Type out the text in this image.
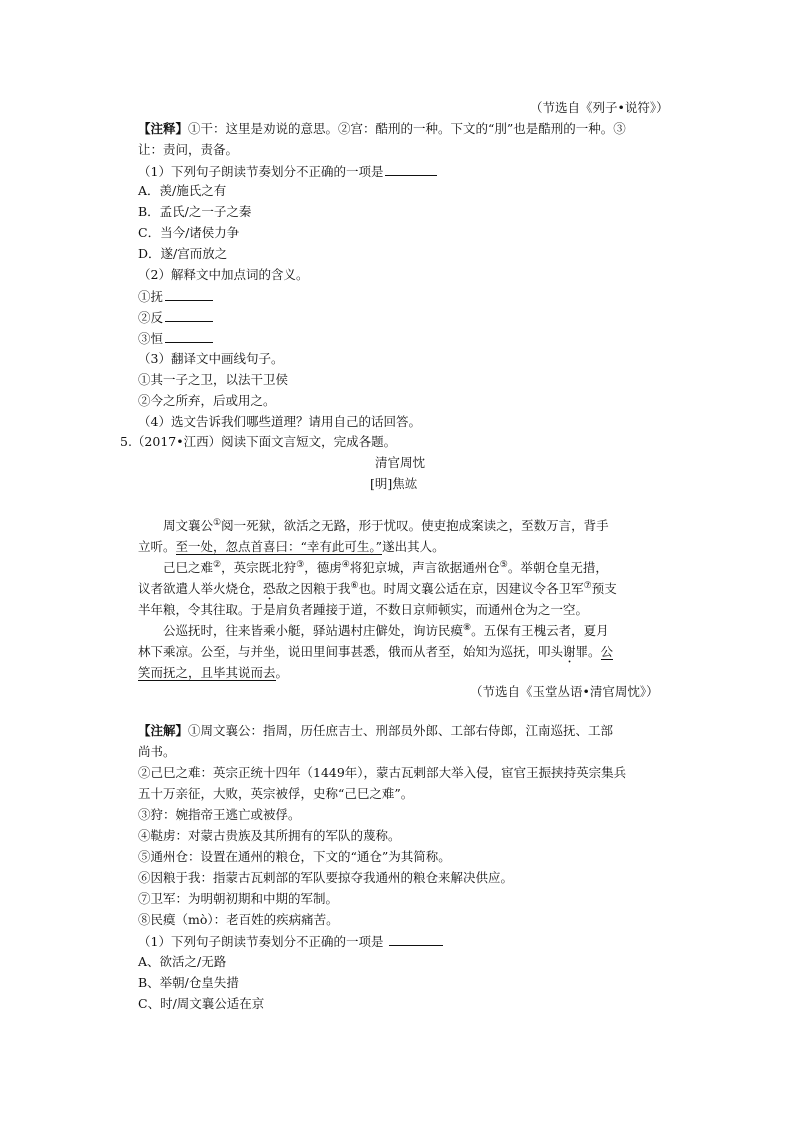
（节选自《列子•说符》）
【注释】①干：这里是劝说的意思。②宫：酷刑的一种。下文的“刖”也是酷刑的一种。③
让：责问，责备。
（1）下列句子朗读节奏划分不正确的一项是
A．羡/施氏之有
B．孟氏/之一子之秦
C．当今/诸侯力争
D．遂/宫而放之
（2）解释文中加点词的含义。
①抚
②反
③恒
（3）翻译文中画线句子。
①其一子之卫，以法干卫侯
②今之所弃，后或用之。
（4）选文告诉我们哪些道理？请用自己的话回答。
5.（2017•江西）阅读下面文言短文，完成各题。
清官周忱
[明]焦竑
周文襄公①阅一死狱，欲活之无路，形于忧叹。使吏抱成案读之，至数万言，背手
立听。至一处，忽点首喜曰：“幸有此可生。”遂出其人。
己巳之难②，英宗既北狩③，德虏④将犯京城，声言欲据通州仓⑤。举朝仓皇无措，
议者欲遣人举火烧仓，恐敌之因粮于我⑥也。时周文襄公适在京，因建议令各卫军⑦预支
半年粮，令其往取。于是肩负者踵接于道，不数日京师顿实，而通州仓为之一空。
公巡抚时，往来皆乘小艇，驿站遇村庄僻处，询访民瘼⑧。五保有王槐云者，夏月
林下乘凉。公至，与并坐，说田里间事甚悉，俄而从者至，始知为巡抚，叩头谢罪。公
笑而抚之，且毕其说而去。
（节选自《玉堂丛语•清官周忱》）
【注解】①周文襄公：指周，历任庶吉士、刑部员外郎、工部右侍郎，江南巡抚、工部
尚书。
②己巳之难：英宗正统十四年（1449年），蒙古瓦剌部大举入侵，宦官王振挟持英宗集兵
五十万亲征，大败，英宗被俘，史称“己巳之难”。
③狩：婉指帝王逃亡或被俘。
④鞑虏：对蒙古贵族及其所拥有的军队的蔑称。
⑤通州仓：设置在通州的粮仓，下文的“通仓”为其简称。
⑥因粮于我：指蒙古瓦剌部的军队要掠夺我通州的粮仓来解决供应。
⑦卫军：为明朝初期和中期的军制。
⑧民瘼（mò）：老百姓的疾病痛苦。
（1）下列句子朗读节奏划分不正确的一项是
A、欲活之/无路
B、举朝/仓皇失措
C、时/周文襄公适在京
